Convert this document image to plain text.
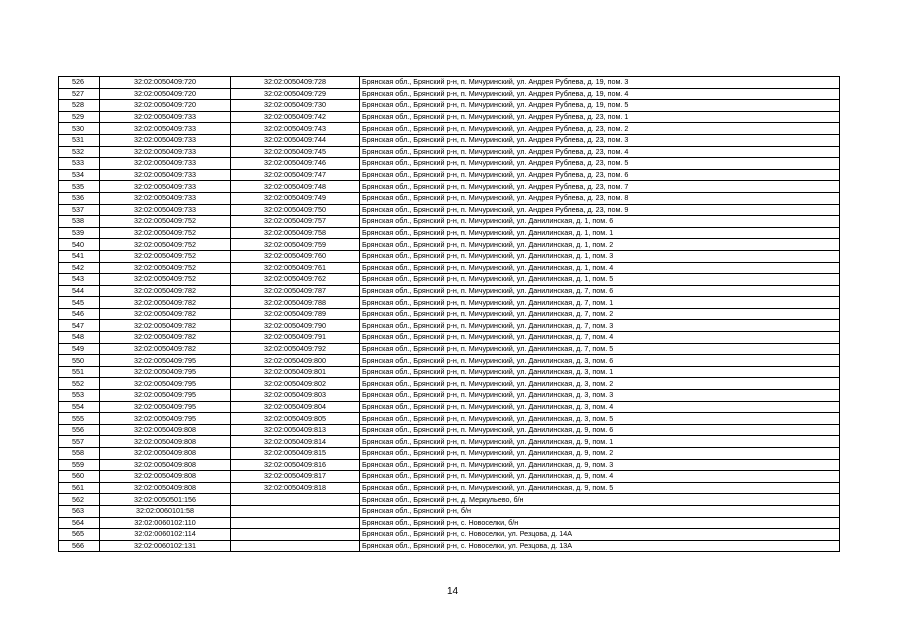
526	32:02:0050409:720	32:02:0050409:728	Брянская обл., Брянский р-н, п. Мичуринский, ул. Андрея Рублева, д. 19, пом. 3
527	32:02:0050409:720	32:02:0050409:729	Брянская обл., Брянский р-н, п. Мичуринский, ул. Андрея Рублева, д. 19, пом. 4
528	32:02:0050409:720	32:02:0050409:730	Брянская обл., Брянский р-н, п. Мичуринский, ул. Андрея Рублева, д. 19, пом. 5
529	32:02:0050409:733	32:02:0050409:742	Брянская обл., Брянский р-н, п. Мичуринский, ул. Андрея Рублева, д. 23, пом. 1
530	32:02:0050409:733	32:02:0050409:743	Брянская обл., Брянский р-н, п. Мичуринский, ул. Андрея Рублева, д. 23, пом. 2
531	32:02:0050409:733	32:02:0050409:744	Брянская обл., Брянский р-н, п. Мичуринский, ул. Андрея Рублева, д. 23, пом. 3
532	32:02:0050409:733	32:02:0050409:745	Брянская обл., Брянский р-н, п. Мичуринский, ул. Андрея Рублева, д. 23, пом. 4
533	32:02:0050409:733	32:02:0050409:746	Брянская обл., Брянский р-н, п. Мичуринский, ул. Андрея Рублева, д. 23, пом. 5
534	32:02:0050409:733	32:02:0050409:747	Брянская обл., Брянский р-н, п. Мичуринский, ул. Андрея Рублева, д. 23, пом. 6
535	32:02:0050409:733	32:02:0050409:748	Брянская обл., Брянский р-н, п. Мичуринский, ул. Андрея Рублева, д. 23, пом. 7
536	32:02:0050409:733	32:02:0050409:749	Брянская обл., Брянский р-н, п. Мичуринский, ул. Андрея Рублева, д. 23, пом. 8
537	32:02:0050409:733	32:02:0050409:750	Брянская обл., Брянский р-н, п. Мичуринский, ул. Андрея Рублева, д. 23, пом. 9
538	32:02:0050409:752	32:02:0050409:757	Брянская обл., Брянский р-н, п. Мичуринский, ул. Данилинская, д. 1, пом. 6
539	32:02:0050409:752	32:02:0050409:758	Брянская обл., Брянский р-н, п. Мичуринский, ул. Данилинская, д. 1, пом. 1
540	32:02:0050409:752	32:02:0050409:759	Брянская обл., Брянский р-н, п. Мичуринский, ул. Данилинская, д. 1, пом. 2
541	32:02:0050409:752	32:02:0050409:760	Брянская обл., Брянский р-н, п. Мичуринский, ул. Данилинская, д. 1, пом. 3
542	32:02:0050409:752	32:02:0050409:761	Брянская обл., Брянский р-н, п. Мичуринский, ул. Данилинская, д. 1, пом. 4
543	32:02:0050409:752	32:02:0050409:762	Брянская обл., Брянский р-н, п. Мичуринский, ул. Данилинская, д. 1, пом. 5
544	32:02:0050409:782	32:02:0050409:787	Брянская обл., Брянский р-н, п. Мичуринский, ул. Данилинская, д. 7, пом. 6
545	32:02:0050409:782	32:02:0050409:788	Брянская обл., Брянский р-н, п. Мичуринский, ул. Данилинская, д. 7, пом. 1
546	32:02:0050409:782	32:02:0050409:789	Брянская обл., Брянский р-н, п. Мичуринский, ул. Данилинская, д. 7, пом. 2
547	32:02:0050409:782	32:02:0050409:790	Брянская обл., Брянский р-н, п. Мичуринский, ул. Данилинская, д. 7, пом. 3
548	32:02:0050409:782	32:02:0050409:791	Брянская обл., Брянский р-н, п. Мичуринский, ул. Данилинская, д. 7, пом. 4
549	32:02:0050409:782	32:02:0050409:792	Брянская обл., Брянский р-н, п. Мичуринский, ул. Данилинская, д. 7, пом. 5
550	32:02:0050409:795	32:02:0050409:800	Брянская обл., Брянский р-н, п. Мичуринский, ул. Данилинская, д. 3, пом. 6
551	32:02:0050409:795	32:02:0050409:801	Брянская обл., Брянский р-н, п. Мичуринский, ул. Данилинская, д. 3, пом. 1
552	32:02:0050409:795	32:02:0050409:802	Брянская обл., Брянский р-н, п. Мичуринский, ул. Данилинская, д. 3, пом. 2
553	32:02:0050409:795	32:02:0050409:803	Брянская обл., Брянский р-н, п. Мичуринский, ул. Данилинская, д. 3, пом. 3
554	32:02:0050409:795	32:02:0050409:804	Брянская обл., Брянский р-н, п. Мичуринский, ул. Данилинская, д. 3, пом. 4
555	32:02:0050409:795	32:02:0050409:805	Брянская обл., Брянский р-н, п. Мичуринский, ул. Данилинская, д. 3, пом. 5
556	32:02:0050409:808	32:02:0050409:813	Брянская обл., Брянский р-н, п. Мичуринский, ул. Данилинская, д. 9, пом. 6
557	32:02:0050409:808	32:02:0050409:814	Брянская обл., Брянский р-н, п. Мичуринский, ул. Данилинская, д. 9, пом. 1
558	32:02:0050409:808	32:02:0050409:815	Брянская обл., Брянский р-н, п. Мичуринский, ул. Данилинская, д. 9, пом. 2
559	32:02:0050409:808	32:02:0050409:816	Брянская обл., Брянский р-н, п. Мичуринский, ул. Данилинская, д. 9, пом. 3
560	32:02:0050409:808	32:02:0050409:817	Брянская обл., Брянский р-н, п. Мичуринский, ул. Данилинская, д. 9, пом. 4
561	32:02:0050409:808	32:02:0050409:818	Брянская обл., Брянский р-н, п. Мичуринский, ул. Данилинская, д. 9, пом. 5
562	32:02:0050501:156		Брянская обл., Брянский р-н, д. Меркульево, б/н
563	32:02:0060101:58		Брянская обл., Брянский р-н, б/н
564	32:02:0060102:110		Брянская обл., Брянский р-н, с. Новоселки, б/н
565	32:02:0060102:114		Брянская обл., Брянский р-н, с. Новоселки, ул. Резцова, д. 14А
566	32:02:0060102:131		Брянская обл., Брянский р-н, с. Новоселки, ул. Резцова, д. 13А
14
